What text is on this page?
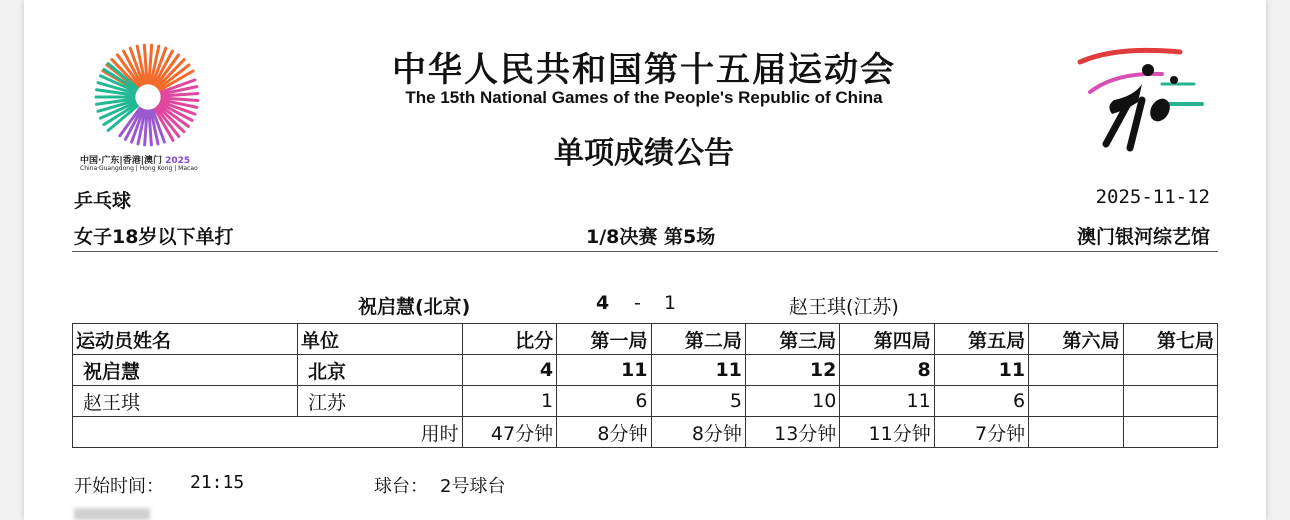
中国·广东|香港|澳门 2025
China·Guangdong | Hong Kong | Macao
中华人民共和国第十五届运动会
The 15th National Games of the People's Republic of China
单项成绩公告
乒乓球	2025-11-12
女子18岁以下单打	1/8决赛 第5场	澳门银河综艺馆
祝启慧(北京)	4 - 1	赵王琪(江苏)
运动员姓名	单位	比分	第一局	第二局	第三局	第四局	第五局	第六局	第七局
祝启慧	北京	4	11	11	12	8	11		
赵王琪	江苏	1	6	5	10	11	6		
用时		47分钟	8分钟	8分钟	13分钟	11分钟	7分钟		
开始时间： 21:15	球台： 2号球台
